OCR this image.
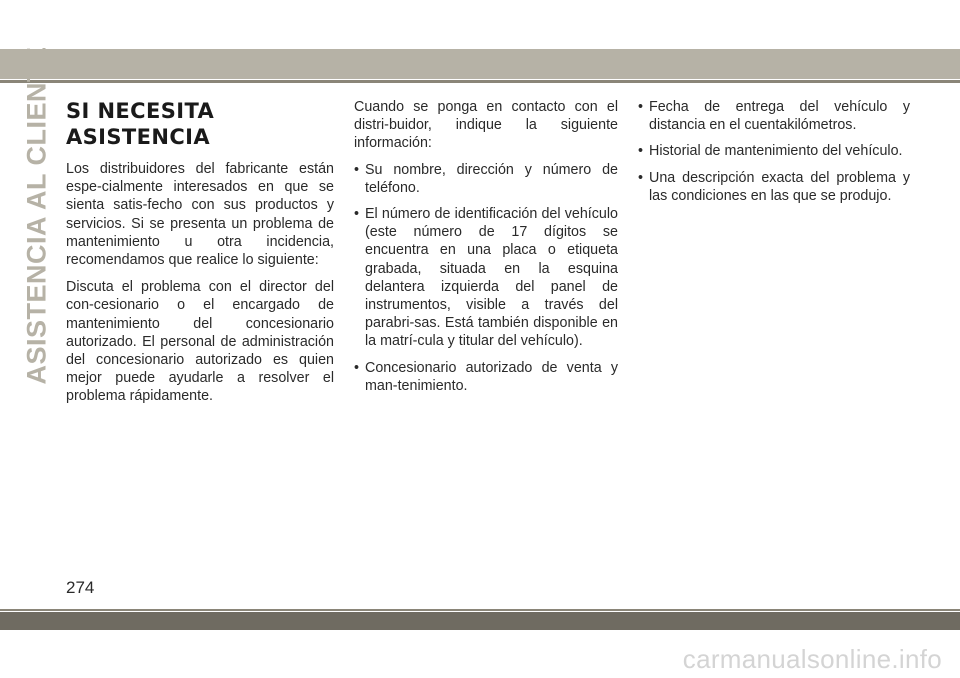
ASISTENCIA AL CLIENTE SI NECESITA ASISTENCIA

Los distribuidores del fabricante están espe-cialmente interesados en que se sienta satis-fecho con sus productos y servicios. Si se presenta un problema de mantenimiento u otra incidencia, recomendamos que realice lo siguiente:

Discuta el problema con el director del con-cesionario o el encargado de mantenimiento del concesionario autorizado. El personal de administración del concesionario autorizado es quien mejor puede ayudarle a resolver el problema rápidamente.

Cuando se ponga en contacto con el distri-buidor, indique la siguiente información:

• Su nombre, dirección y número de teléfono.
• El número de identificación del vehículo (este número de 17 dígitos se encuentra en una placa o etiqueta grabada, situada en la esquina delantera izquierda del panel de instrumentos, visible a través del parabri-sas. Está también disponible en la matrí-cula y titular del vehículo).
• Concesionario autorizado de venta y man-tenimiento.
• Fecha de entrega del vehículo y distancia en el cuentakilómetros.
• Historial de mantenimiento del vehículo.
• Una descripción exacta del problema y las condiciones en las que se produjo.
274
carmanualsonline.info
